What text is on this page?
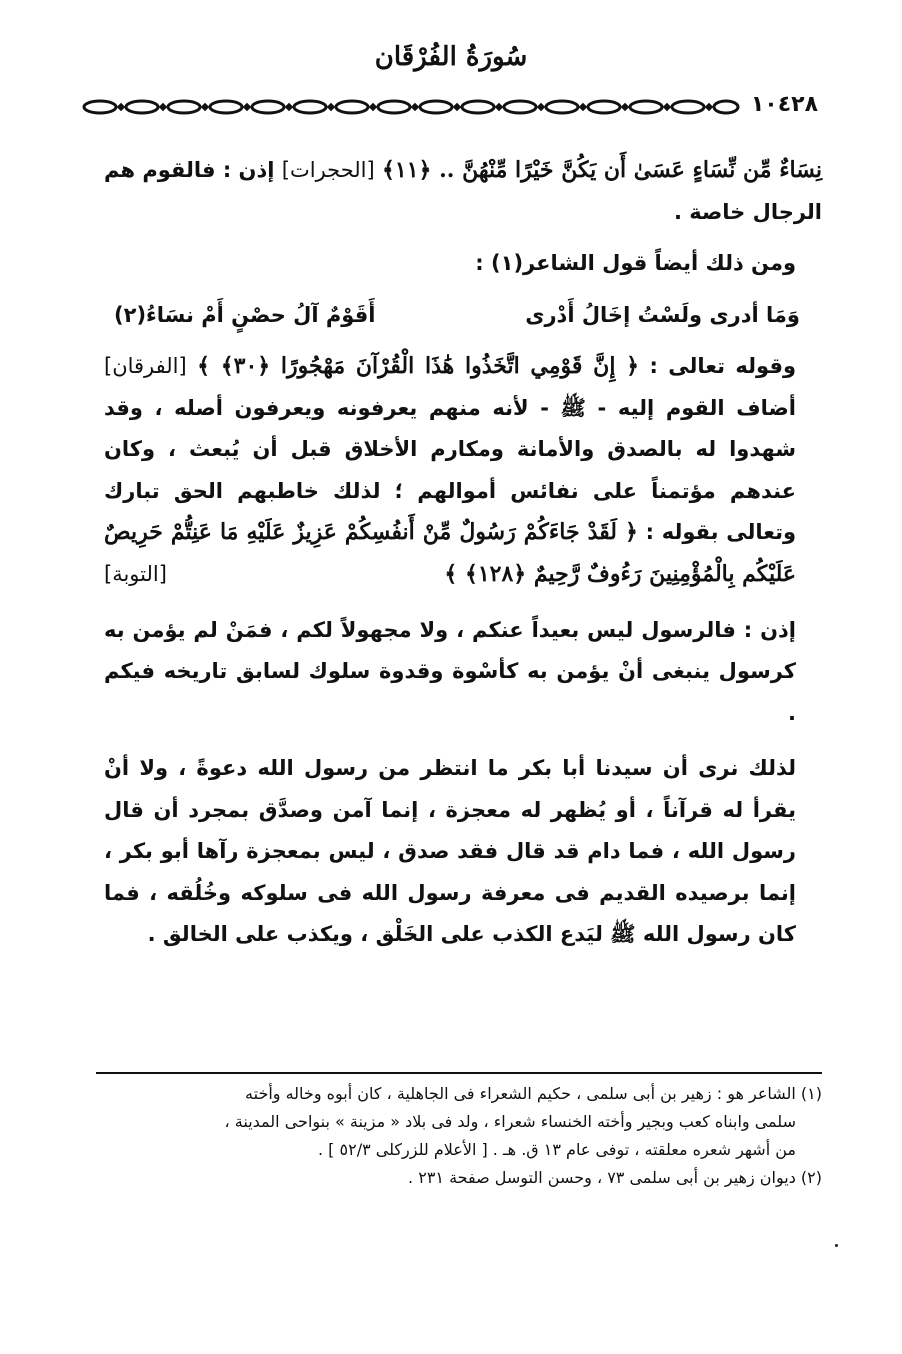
سُورَةُ الفُرْقَان
١٠٤٢٨

نِسَاءٌ مِّن نِّسَاءٍ عَسَىٰ أَن يَكُنَّ خَيْرًا مِّنْهُنَّ .. ﴿١١﴾ [الحجرات] إذن : فالقوم هم الرجال خاصة .

ومن ذلك أيضاً قول الشاعر(١) :

وَمَا أدرى ولَسْتُ إخَالُ أَدْرى
أَقَوْمٌ آلُ حصْنٍ أَمْ نسَاءُ(٢)

وقوله تعالى : ﴿ إِنَّ قَوْمِي اتَّخَذُوا هَٰذَا الْقُرْآنَ مَهْجُورًا ﴿٣٠﴾ ﴾ [الفرقان] أضاف القوم إليه - ﷺ - لأنه منهم يعرفونه ويعرفون أصله ، وقد شهدوا له بالصدق والأمانة ومكارم الأخلاق قبل أن يُبعث ، وكان عندهم مؤتمناً على نفائس أموالهم ؛ لذلك خاطبهم الحق تبارك وتعالى بقوله : ﴿ لَقَدْ جَاءَكُمْ رَسُولٌ مِّنْ أَنفُسِكُمْ عَزِيزٌ عَلَيْهِ مَا عَنِتُّمْ حَرِيصٌ عَلَيْكُم بِالْمُؤْمِنِينَ رَءُوفٌ رَّحِيمٌ ﴿١٢٨﴾ ﴾

[التوبة]

إذن : فالرسول ليس بعيداً عنكم ، ولا مجهولاً لكم ، فمَنْ لم يؤمن به كرسول ينبغى أنْ يؤمن به كأسْوة وقدوة سلوك لسابق تاريخه فيكم .

لذلك نرى أن سيدنا أبا بكر ما انتظر من رسول الله دعوةً ، ولا أنْ يقرأ له قرآناً ، أو يُظهر له معجزة ، إنما آمن وصدَّق بمجرد أن قال رسول الله ، فما دام قد قال فقد صدق ، ليس بمعجزة رآها أبو بكر ، إنما برصيده القديم فى معرفة رسول الله فى سلوكه وخُلُقه ، فما كان رسول الله ﷺ ليَدع الكذب على الخَلْق ، ويكذب على الخالق .

(١) الشاعر هو : زهير بن أبى سلمى ، حكيم الشعراء فى الجاهلية ، كان أبوه وخاله وأخته

سلمى وابناه كعب وبجير وأخته الخنساء شعراء ، ولد فى بلاد « مزينة » بنواحى المدينة ،

من أشهر شعره معلقته ، توفى عام ١٣ ق. هـ . [ الأعلام للزركلى ٥٢/٣ ] .

(٢) ديوان زهير بن أبى سلمى ٧٣ ، وحسن التوسل صفحة ٢٣١ .
